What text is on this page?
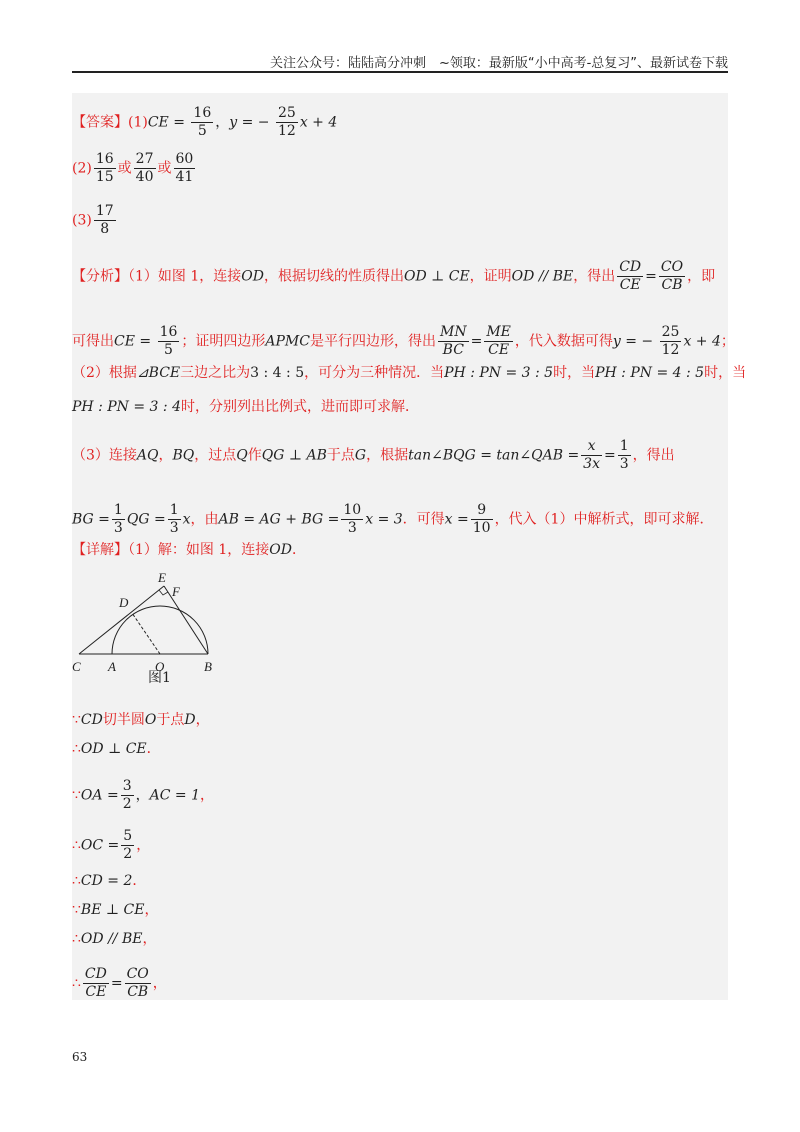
关注公众号：陆陆高分冲刺　~领取：最新版“小中高考-总复习”、最新试卷下载
【答案】$(1)CE = \frac{16}{5}$ ，y = − $\frac{25}{12}$ x + 4
$(2) \frac{16}{15}$ 或 $\frac{27}{40}$ 或 $\frac{60}{41}$
$(3) \frac{17}{8}$
【分析】（1）如图 1，连接OD，根据切线的性质得出OD ⊥ CE，证明OD // BE，得出 $\frac{CD}{CE} = \frac{CO}{CB}$ ，即
可得出CE = $\frac{16}{5}$ ；证明四边形APMC是平行四边形，得出 $\frac{MN}{BC} = \frac{ME}{CE}$ ，代入数据可得y = − $\frac{25}{12}$ x + 4；
（2）根据⊿BCE三边之比为3 : 4 : 5，可分为三种情况．当PH : PN = 3 : 5时，当PH : PN = 4 : 5时，当
PH : PN = 3 : 4时，分别列出比例式，进而即可求解．
（3）连接AQ，BQ，过点Q作QG ⊥ AB于点G，根据tan∠BQG = tan∠QAB = $\frac{x}{3x} = \frac{1}{3}$ ，得出
BG = $\frac{1}{3}$ QG = $\frac{1}{3}$ x，由AB = AG + BG = $\frac{10}{3}$ x = 3．可得$x = \frac{9}{10}$ ，代入（1）中解析式，即可求解．
【详解】（1）解：如图 1，连接OD．
E
F
D
C A	O	B
图1
∵CD切半圆O于点D，
∴OD ⊥ CE．
∵OA = $\frac{3}{2}$ ，AC = 1，
∴OC = $\frac{5}{2}$ ，
∴CD = 2．
∵BE ⊥ CE，
∴OD // BE，
∴ $\frac{CD}{CE} = \frac{CO}{CB}$ ，
63
